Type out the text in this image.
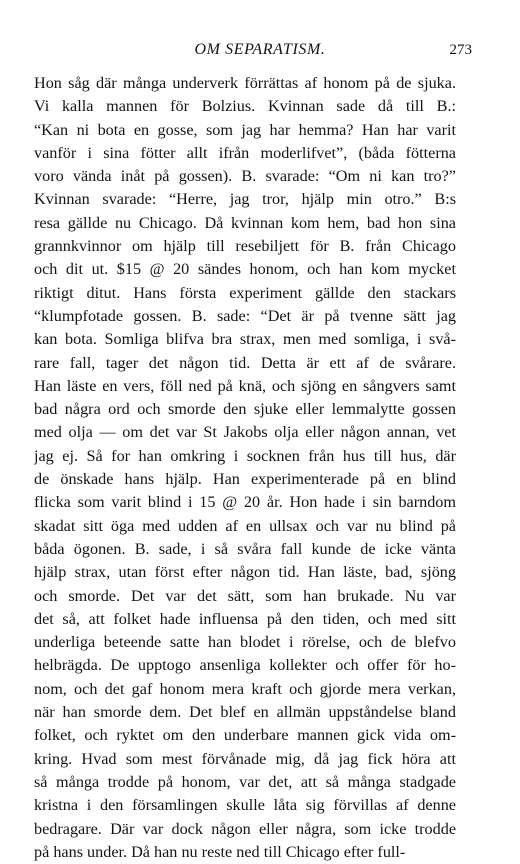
OM SEPARATISM.	273
Hon såg där många underverk förrättas af honom på de sjuka.
Vi kalla mannen för Bolzius. Kvinnan sade då till B.:
“Kan ni bota en gosse, som jag har hemma? Han har varit
vanför i sina fötter allt ifrån moderlifvet”, (båda fötterna
voro vända inåt på gossen). B. svarade: “Om ni kan tro?”
Kvinnan svarade: “Herre, jag tror, hjälp min otro.” B:s
resa gällde nu Chicago. Då kvinnan kom hem, bad hon sina
grannkvinnor om hjälp till resebiljett för B. från Chicago
och dit ut. $15 @ 20 sändes honom, och han kom mycket
riktigt ditut. Hans första experiment gällde den stackars
“klumpfotade gossen. B. sade: “Det är på tvenne sätt jag
kan bota. Somliga blifva bra strax, men med somliga, i svå-
rare fall, tager det någon tid. Detta är ett af de svårare.
Han läste en vers, föll ned på knä, och sjöng en sångvers samt
bad några ord och smorde den sjuke eller lemmalytte gossen
med olja — om det var St Jakobs olja eller någon annan, vet
jag ej. Så for han omkring i socknen från hus till hus, där
de önskade hans hjälp. Han experimenterade på en blind
flicka som varit blind i 15 @ 20 år. Hon hade i sin barndom
skadat sitt öga med udden af en ullsax och var nu blind på
båda ögonen. B. sade, i så svåra fall kunde de icke vänta
hjälp strax, utan först efter någon tid. Han läste, bad, sjöng
och smorde. Det var det sätt, som han brukade. Nu var
det så, att folket hade influensa på den tiden, och med sitt
underliga beteende satte han blodet i rörelse, och de blefvo
helbrägda. De upptogo ansenliga kollekter och offer för ho-
nom, och det gaf honom mera kraft och gjorde mera verkan,
när han smorde dem. Det blef en allmän uppståndelse bland
folket, och ryktet om den underbare mannen gick vida om-
kring. Hvad som mest förvånade mig, då jag fick höra att
så många trodde på honom, var det, att så många stadgade
kristna i den församlingen skulle låta sig förvillas af denne
bedragare. Där var dock någon eller några, som icke trodde
på hans under. Då han nu reste ned till Chicago efter full-
